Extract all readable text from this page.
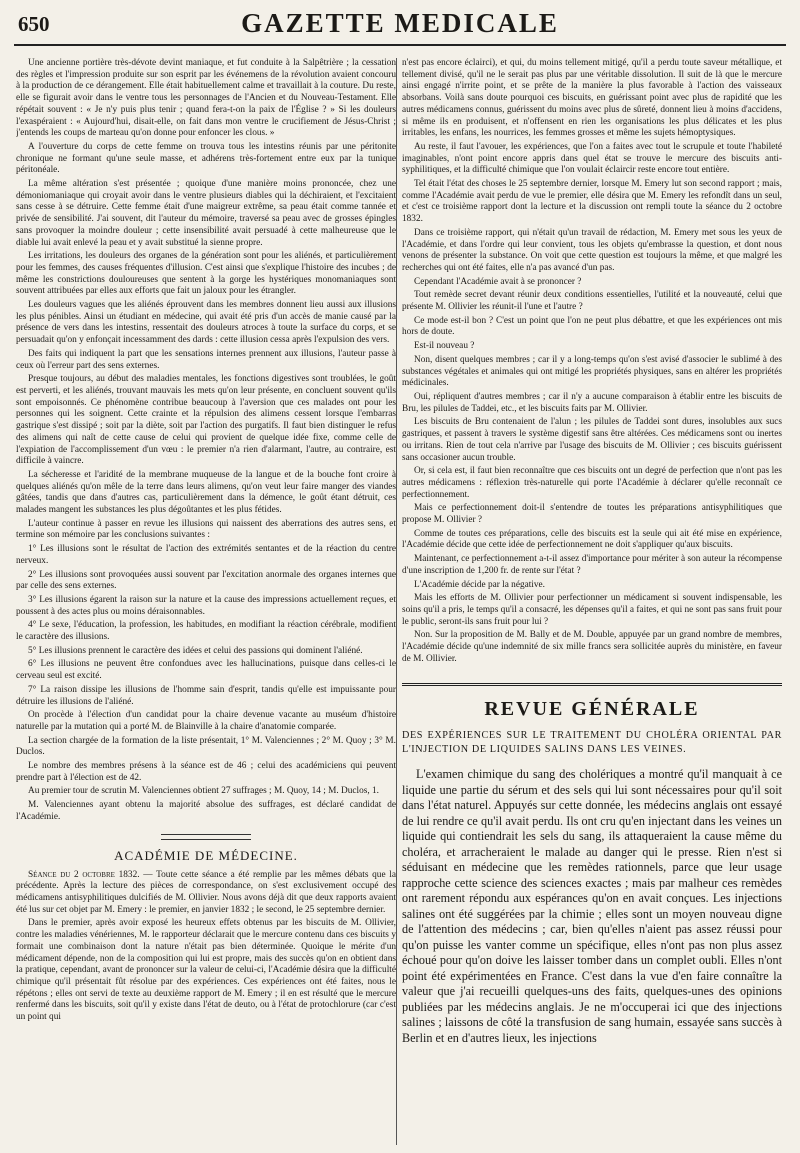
650	GAZETTE MEDICALE

Une ancienne portière très-dévote devint maniaque, et fut conduite à la Salpêtrière ; la cessation des règles et l'impression produite sur son esprit par les événemens de la révolution avaient concouru à la production de ce dérangement. Elle était habituellement calme et travaillait à la couture. Du reste, elle se figurait avoir dans le ventre tous les personnages de l'Ancien et du Nouveau-Testament. Elle répétait souvent : « Je n'y puis plus tenir ; quand fera-t-on la paix de l'Église ? » Si les douleurs l'exaspéraient : « Aujourd'hui, disait-elle, on fait dans mon ventre le crucifiement de Jésus-Christ ; j'entends les coups de marteau qu'on donne pour enfoncer les clous. »

A l'ouverture du corps de cette femme on trouva tous les intestins réunis par une péritonite chronique ne formant qu'une seule masse, et adhérens très-fortement entre eux par la tunique péritonéale.

La même altération s'est présentée ; quoique d'une manière moins prononcée, chez une démoniomaniaque qui croyait avoir dans le ventre plusieurs diables qui la déchiraient, et l'excitaient sans cesse à se détruire. Cette femme était d'une maigreur extrême, sa peau était comme tannée et privée de sensibilité. J'ai souvent, dit l'auteur du mémoire, traversé sa peau avec de grosses épingles sans provoquer la moindre douleur ; cette insensibilité avait persuadé à cette malheureuse que le diable lui avait enlevé la peau et y avait substitué la sienne propre.

Les irritations, les douleurs des organes de la génération sont pour les aliénés, et particulièrement pour les femmes, des causes fréquentes d'illusion. C'est ainsi que s'explique l'histoire des incubes ; de même les constrictions douloureuses que sentent à la gorge les hystériques monomaniaques sont souvent attribuées par elles aux efforts que fait un jaloux pour les étrangler.

Les douleurs vagues que les aliénés éprouvent dans les membres donnent lieu aussi aux illusions les plus pénibles. Ainsi un étudiant en médecine, qui avait été pris d'un accès de manie causé par la présence de vers dans les intestins, ressentait des douleurs atroces à toute la surface du corps, et se persuadait qu'on y enfonçait incessamment des dards : cette illusion cessa après l'expulsion des vers.

Des faits qui indiquent la part que les sensations internes prennent aux illusions, l'auteur passe à ceux où l'erreur part des sens externes.

Presque toujours, au début des maladies mentales, les fonctions digestives sont troublées, le goût est perverti, et les aliénés, trouvant mauvais les mets qu'on leur présente, en concluent souvent qu'ils sont empoisonnés. Ce phénomène contribue beaucoup à l'aversion que ces malades ont pour les personnes qui les soignent. Cette crainte et la répulsion des alimens cessent lorsque l'embarras gastrique s'est dissipé ; soit par la diète, soit par l'action des purgatifs. Il faut bien distinguer le refus des alimens qui naît de cette cause de celui qui provient de quelque idée fixe, comme celle de l'expiation de l'accomplissement d'un vœu : le premier n'a rien d'alarmant, l'autre, au contraire, est difficile à vaincre.

La sécheresse et l'aridité de la membrane muqueuse de la langue et de la bouche font croire à quelques aliénés qu'on mêle de la terre dans leurs alimens, qu'on veut leur faire manger des viandes gâtées, tandis que dans d'autres cas, particulièrement dans la démence, le goût étant détruit, ces malades mangent les substances les plus dégoûtantes et les plus fétides.

L'auteur continue à passer en revue les illusions qui naissent des aberrations des autres sens, et termine son mémoire par les conclusions suivantes :

1° Les illusions sont le résultat de l'action des extrémités sentantes et de la réaction du centre nerveux.

2° Les illusions sont provoquées aussi souvent par l'excitation anormale des organes internes que par celle des sens externes.

3° Les illusions égarent la raison sur la nature et la cause des impressions actuellement reçues, et poussent à des actes plus ou moins déraisonnables.

4° Le sexe, l'éducation, la profession, les habitudes, en modifiant la réaction cérébrale, modifient le caractère des illusions.

5° Les illusions prennent le caractère des idées et celui des passions qui dominent l'aliéné.

6° Les illusions ne peuvent être confondues avec les hallucinations, puisque dans celles-ci le cerveau seul est excité.

7° La raison dissipe les illusions de l'homme sain d'esprit, tandis qu'elle est impuissante pour détruire les illusions de l'aliéné.

On procède à l'élection d'un candidat pour la chaire devenue vacante au muséum d'histoire naturelle par la mutation qui a porté M. de Blainville à la chaire d'anatomie comparée.

La section chargée de la formation de la liste présentait, 1° M. Valenciennes ; 2° M. Quoy ; 3° M. Duclos.

Le nombre des membres présens à la séance est de 46 ; celui des académiciens qui peuvent prendre part à l'élection est de 42.

Au premier tour de scrutin M. Valenciennes obtient 27 suffrages ; M. Quoy, 14 ; M. Duclos, 1.

M. Valenciennes ayant obtenu la majorité absolue des suffrages, est déclaré candidat de l'Académie.

ACADÉMIE DE MÉDECINE.

Séance du 2 octobre 1832. — Toute cette séance a été remplie par les mêmes débats que la précédente. Après la lecture des pièces de correspondance, on s'est exclusivement occupé des médicamens antisyphilitiques dulcifiés de M. Ollivier. Nous avons déjà dit que deux rapports avaient été lus sur cet objet par M. Emery : le premier, en janvier 1832 ; le second, le 25 septembre dernier.

Dans le premier, après avoir exposé les heureux effets obtenus par les biscuits de M. Ollivier, contre les maladies vénériennes, M. le rapporteur déclarait que le mercure contenu dans ces biscuits y formait une combinaison dont la nature n'était pas bien déterminée. Quoique le mérite d'un médicament dépende, non de la composition qui lui est propre, mais des succès qu'on en obtient dans la pratique, cependant, avant de prononcer sur la valeur de celui-ci, l'Académie désira que la difficulté chimique qu'il présentait fût résolue par des expériences. Ces expériences ont été faites, nous le répétons ; elles ont servi de texte au deuxième rapport de M. Emery ; il en est résulté que le mercure renfermé dans les biscuits, soit qu'il y existe dans l'état de deuto, ou à l'état de protochlorure (car c'est un point qui

n'est pas encore éclairci), et qui, du moins tellement mitigé, qu'il a perdu toute saveur métallique, et tellement divisé, qu'il ne le serait pas plus par une véritable dissolution. Il suit de là que le mercure ainsi engagé n'irrite point, et se prête de la manière la plus favorable à l'action des vaisseaux absorbans. Voilà sans doute pourquoi ces biscuits, en guérissant point avec plus de rapidité que les autres médicamens connus, guérissent du moins avec plus de sûreté, donnent lieu à moins d'accidens, si même ils en produisent, et n'offensent en rien les organisations les plus délicates et les plus irritables, les enfans, les nourrices, les femmes grosses et même les sujets hémoptysiques.

Au reste, il faut l'avouer, les expériences, que l'on a faites avec tout le scrupule et toute l'habileté imaginables, n'ont point encore appris dans quel état se trouve le mercure des biscuits anti-syphilitiques, et la difficulté chimique que l'on voulait éclaircir reste encore tout entière.

Tel était l'état des choses le 25 septembre dernier, lorsque M. Emery lut son second rapport ; mais, comme l'Académie avait perdu de vue le premier, elle désira que M. Emery les refondît dans un seul, et c'est ce troisième rapport dont la lecture et la discussion ont rempli toute la séance du 2 octobre 1832.

Dans ce troisième rapport, qui n'était qu'un travail de rédaction, M. Emery met sous les yeux de l'Académie, et dans l'ordre qui leur convient, tous les objets qu'embrasse la question, et dont nous venons de présenter la substance. On voit que cette question est toujours la même, et que malgré les recherches qui ont été faites, elle n'a pas avancé d'un pas.

Cependant l'Académie avait à se prononcer ?

Tout remède secret devant réunir deux conditions essentielles, l'utilité et la nouveauté, celui que présente M. Ollivier les réunit-il l'une et l'autre ?

Ce mode est-il bon ? C'est un point que l'on ne peut plus débattre, et que les expériences ont mis hors de doute.

Est-il nouveau ?

Non, disent quelques membres ; car il y a long-temps qu'on s'est avisé d'associer le sublimé à des substances végétales et animales qui ont mitigé les propriétés physiques, sans en altérer les propriétés médicinales.

Oui, répliquent d'autres membres ; car il n'y a aucune comparaison à établir entre les biscuits de Bru, les pilules de Taddei, etc., et les biscuits faits par M. Ollivier.

Les biscuits de Bru contenaient de l'alun ; les pilules de Taddei sont dures, insolubles aux sucs gastriques, et passent à travers le système digestif sans être altérées. Ces médicamens sont ou inertes ou irritans. Rien de tout cela n'arrive par l'usage des biscuits de M. Ollivier ; ces biscuits guérissent sans occasioner aucun trouble.

Or, si cela est, il faut bien reconnaître que ces biscuits ont un degré de perfection que n'ont pas les autres médicamens : réflexion très-naturelle qui porte l'Académie à déclarer qu'elle reconnaît ce perfectionnement.

Mais ce perfectionnement doit-il s'entendre de toutes les préparations antisyphilitiques que propose M. Ollivier ?

Comme de toutes ces préparations, celle des biscuits est la seule qui ait été mise en expérience, l'Académie décide que cette idée de perfectionnement ne doit s'appliquer qu'aux biscuits.

Maintenant, ce perfectionnement a-t-il assez d'importance pour mériter à son auteur la récompense d'une inscription de 1,200 fr. de rente sur l'état ?

L'Académie décide par la négative.

Mais les efforts de M. Ollivier pour perfectionner un médicament si souvent indispensable, les soins qu'il a pris, le temps qu'il a consacré, les dépenses qu'il a faites, et qui ne sont pas sans fruit pour le public, seront-ils sans fruit pour lui ?

Non. Sur la proposition de M. Bally et de M. Double, appuyée par un grand nombre de membres, l'Académie décide qu'une indemnité de six mille francs sera sollicitée auprès du ministère, en faveur de M. Ollivier.

REVUE GÉNÉRALE
DES EXPÉRIENCES SUR LE TRAITEMENT DU CHOLÉRA ORIENTAL PAR L'INJECTION DE LIQUIDES SALINS DANS LES VEINES.

L'examen chimique du sang des cholériques a montré qu'il manquait à ce liquide une partie du sérum et des sels qui lui sont nécessaires pour qu'il soit dans l'état naturel. Appuyés sur cette donnée, les médecins anglais ont essayé de lui rendre ce qu'il avait perdu. Ils ont cru qu'en injectant dans les veines un liquide qui contiendrait les sels du sang, ils attaqueraient la cause même du choléra, et arracheraient le malade au danger qui le presse. Rien n'est si séduisant en médecine que les remèdes rationnels, parce que leur usage rapproche cette science des sciences exactes ; mais par malheur ces remèdes ont rarement répondu aux espérances qu'on en avait conçues. Les injections salines ont été suggérées par la chimie ; elles sont un moyen nouveau digne de l'attention des médecins ; car, bien qu'elles n'aient pas assez réussi pour qu'on puisse les vanter comme un spécifique, elles n'ont pas non plus assez échoué pour qu'on doive les laisser tomber dans un complet oubli. Elles n'ont point été expérimentées en France. C'est dans la vue d'en faire connaître la valeur que j'ai recueilli quelques-uns des faits, quelques-unes des opinions publiées par les médecins anglais. Je ne m'occuperai ici que des injections salines ; laissons de côté la transfusion de sang humain, essayée sans succès à Berlin et en d'autres lieux, les injections
